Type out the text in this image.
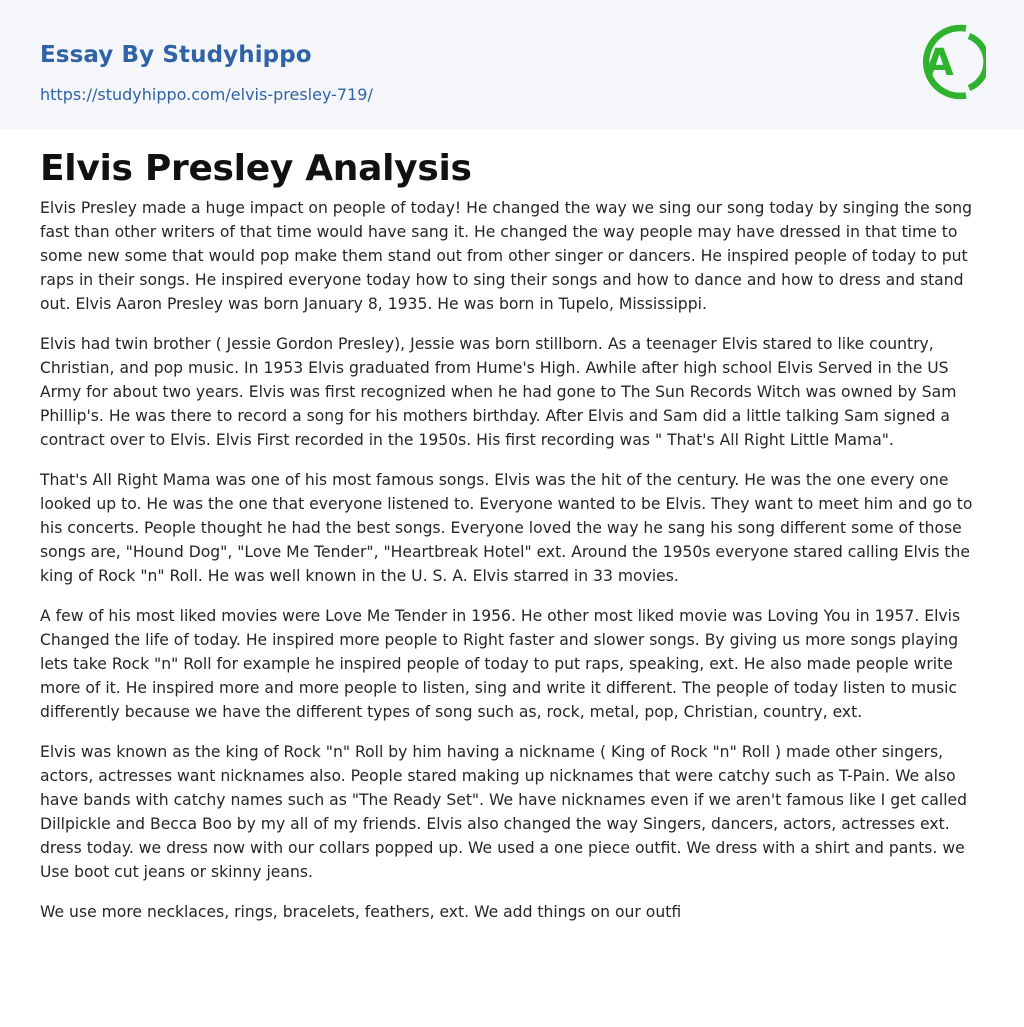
Essay By Studyhippo
https://studyhippo.com/elvis-presley-719/
A
Elvis Presley Analysis

Elvis Presley made a huge impact on people of today! He changed the way we sing our song today by singing the song fast than other writers of that time would have sang it. He changed the way people may have dressed in that time to some new some that would pop make them stand out from other singer or dancers. He inspired people of today to put raps in their songs. He inspired everyone today how to sing their songs and how to dance and how to dress and stand out. Elvis Aaron Presley was born January 8, 1935. He was born in Tupelo, Mississippi.

Elvis had twin brother ( Jessie Gordon Presley), Jessie was born stillborn. As a teenager Elvis stared to like country, Christian, and pop music. In 1953 Elvis graduated from Hume's High. Awhile after high school Elvis Served in the US Army for about two years. Elvis was first recognized when he had gone to The Sun Records Witch was owned by Sam Phillip's. He was there to record a song for his mothers birthday. After Elvis and Sam did a little talking Sam signed a contract over to Elvis. Elvis First recorded in the 1950s. His first recording was " That's All Right Little Mama".

That's All Right Mama was one of his most famous songs. Elvis was the hit of the century. He was the one every one looked up to. He was the one that everyone listened to. Everyone wanted to be Elvis. They want to meet him and go to his concerts. People thought he had the best songs. Everyone loved the way he sang his song different some of those songs are, "Hound Dog", "Love Me Tender", "Heartbreak Hotel" ext. Around the 1950s everyone stared calling Elvis the king of Rock "n" Roll. He was well known in the U. S. A. Elvis starred in 33 movies.

A few of his most liked movies were Love Me Tender in 1956. He other most liked movie was Loving You in 1957. Elvis Changed the life of today. He inspired more people to Right faster and slower songs. By giving us more songs playing lets take Rock "n" Roll for example he inspired people of today to put raps, speaking, ext. He also made people write more of it. He inspired more and more people to listen, sing and write it different. The people of today listen to music differently because we have the different types of song such as, rock, metal, pop, Christian, country, ext.

Elvis was known as the king of Rock "n" Roll by him having a nickname ( King of Rock "n" Roll ) made other singers, actors, actresses want nicknames also. People stared making up nicknames that were catchy such as T-Pain. We also have bands with catchy names such as "The Ready Set". We have nicknames even if we aren't famous like I get called Dillpickle and Becca Boo by my all of my friends. Elvis also changed the way Singers, dancers, actors, actresses ext. dress today. we dress now with our collars popped up. We used a one piece outfit. We dress with a shirt and pants. we Use boot cut jeans or skinny jeans.

We use more necklaces, rings, bracelets, feathers, ext. We add things on our outfi
